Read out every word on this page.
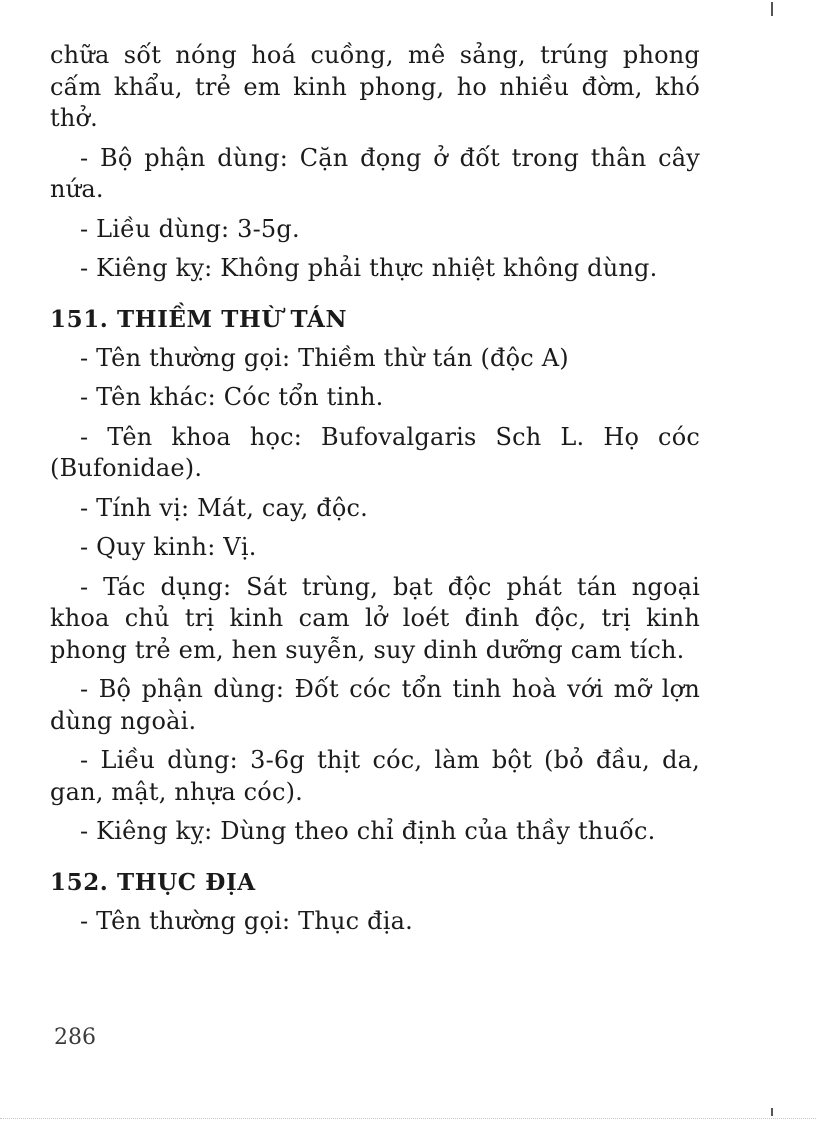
chữa sốt nóng hoá cuồng, mê sảng, trúng phong cấm khẩu, trẻ em kinh phong, ho nhiều đờm, khó thở.

- Bộ phận dùng: Cặn đọng ở đốt trong thân cây nứa.

- Liều dùng: 3-5g.

- Kiêng kỵ: Không phải thực nhiệt không dùng.

151. THIỀM THỪ TÁN

- Tên thường gọi: Thiềm thừ tán (độc A)

- Tên khác: Cóc tổn tinh.

- Tên khoa học: Bufovalgaris Sch L. Họ cóc (Bufonidae).

- Tính vị: Mát, cay, độc.

- Quy kinh: Vị.

- Tác dụng: Sát trùng, bạt độc phát tán ngoại khoa chủ trị kinh cam lở loét đinh độc, trị kinh phong trẻ em, hen suyễn, suy dinh dưỡng cam tích.

- Bộ phận dùng: Đốt cóc tổn tinh hoà với mỡ lợn dùng ngoài.

- Liều dùng: 3-6g thịt cóc, làm bột (bỏ đầu, da, gan, mật, nhựa cóc).

- Kiêng kỵ: Dùng theo chỉ định của thầy thuốc.

152. THỤC ĐỊA

- Tên thường gọi: Thục địa.

286
